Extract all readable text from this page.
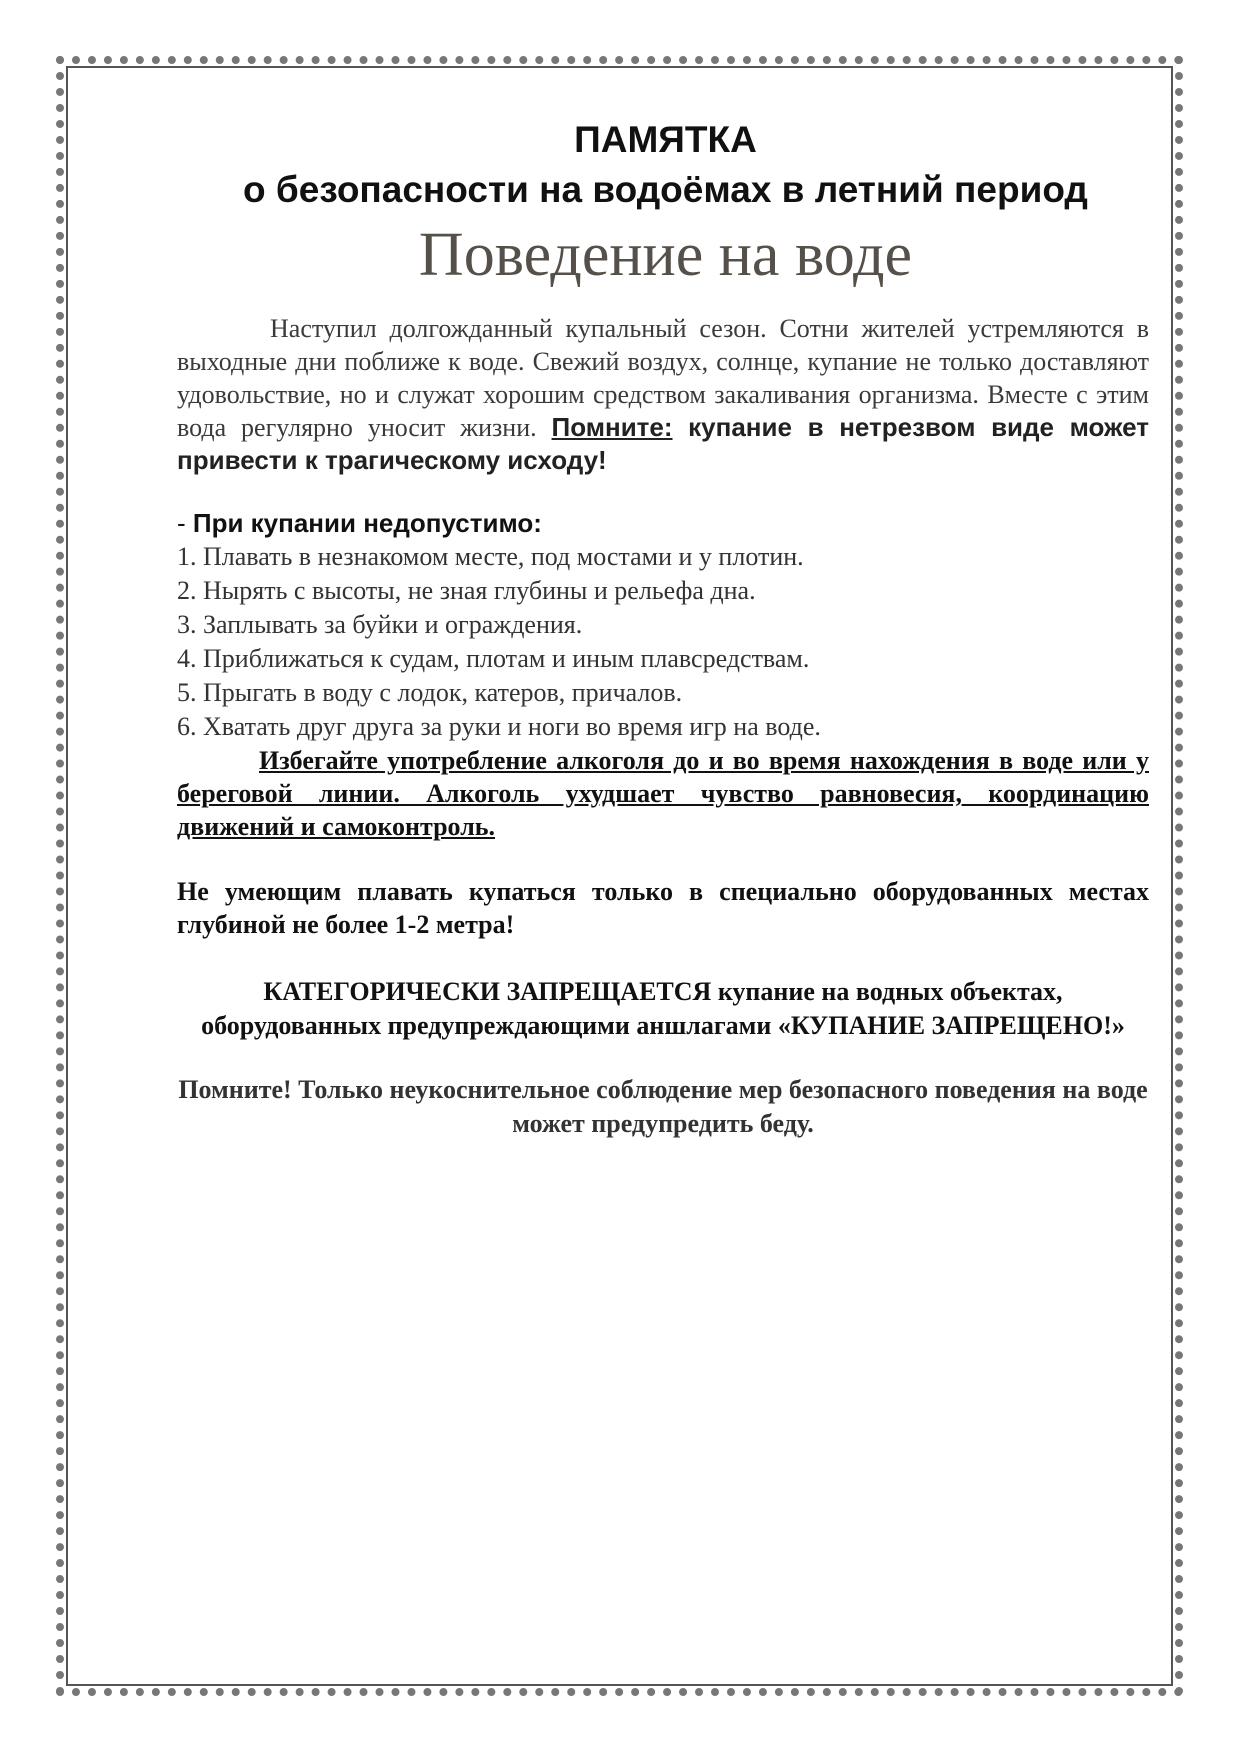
ПАМЯТКА
о безопасности на водоёмах в летний период
Поведение на воде

Наступил долгожданный купальный сезон. Сотни жителей устремляются в выходные дни поближе к воде. Свежий воздух, солнце, купание не только доставляют удовольствие, но и служат хорошим средством закаливания организма. Вместе с этим вода регулярно уносит жизни. Помните: купание в нетрезвом виде может привести к трагическому исходу!

- При купании недопустимо:

1. Плавать в незнакомом месте, под мостами и у плотин.
2. Нырять с высоты, не зная глубины и рельефа дна.
3. Заплывать за буйки и ограждения.
4. Приближаться к судам, плотам и иным плавсредствам.
5. Прыгать в воду с лодок, катеров, причалов.
6. Хватать друг друга за руки и ноги во время игр на воде.

Избегайте употребление алкоголя до и во время нахождения в воде или у береговой линии. Алкоголь ухудшает чувство равновесия, координацию движений и самоконтроль.

Не умеющим плавать купаться только в специально оборудованных местах глубиной не более 1-2 метра!

КАТЕГОРИЧЕСКИ ЗАПРЕЩАЕТСЯ купание на водных объектах, оборудованных предупреждающими аншлагами «КУПАНИЕ ЗАПРЕЩЕНО!»

Помните! Только неукоснительное соблюдение мер безопасного поведения на воде может предупредить беду.
